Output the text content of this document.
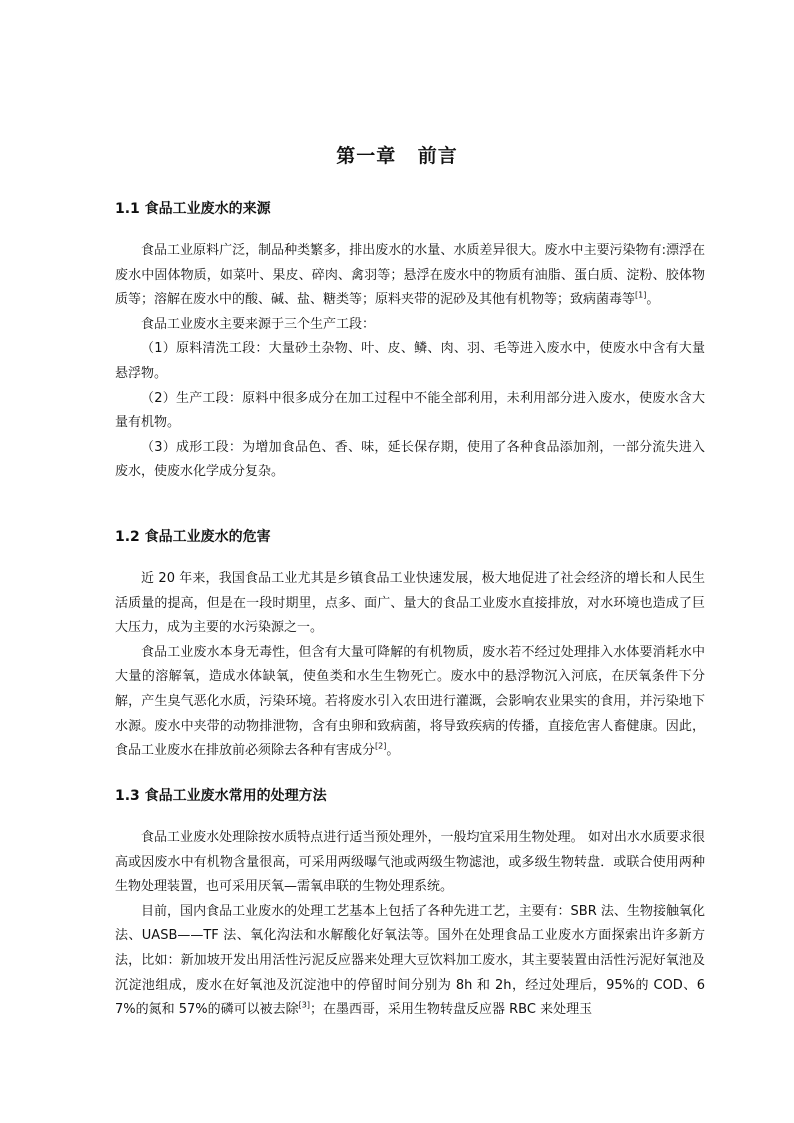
第一章 前言

1.1 食品工业废水的来源

食品工业原料广泛，制品种类繁多，排出废水的水量、水质差异很大。废水中主要污染物有:漂浮在废水中固体物质，如菜叶、果皮、碎肉、禽羽等；悬浮在废水中的物质有油脂、蛋白质、淀粉、胶体物质等；溶解在废水中的酸、碱、盐、糖类等；原料夹带的泥砂及其他有机物等；致病菌毒等[1]。

食品工业废水主要来源于三个生产工段：

（1）原料清洗工段：大量砂土杂物、叶、皮、鳞、肉、羽、毛等进入废水中，使废水中含有大量悬浮物。

（2）生产工段：原料中很多成分在加工过程中不能全部利用，未利用部分进入废水，使废水含大量有机物。

（3）成形工段：为增加食品色、香、味，延长保存期，使用了各种食品添加剂，一部分流失进入废水，使废水化学成分复杂。

1.2 食品工业废水的危害

近 20 年来，我国食品工业尤其是乡镇食品工业快速发展，极大地促进了社会经济的增长和人民生活质量的提高，但是在一段时期里，点多、面广、量大的食品工业废水直接排放，对水环境也造成了巨大压力，成为主要的水污染源之一。

食品工业废水本身无毒性，但含有大量可降解的有机物质，废水若不经过处理排入水体要消耗水中大量的溶解氧，造成水体缺氧，使鱼类和水生生物死亡。废水中的悬浮物沉入河底，在厌氧条件下分解，产生臭气恶化水质，污染环境。若将废水引入农田进行灌溉，会影响农业果实的食用，并污染地下水源。废水中夹带的动物排泄物，含有虫卵和致病菌，将导致疾病的传播，直接危害人畜健康。因此，食品工业废水在排放前必须除去各种有害成分[2]。

1.3 食品工业废水常用的处理方法

食品工业废水处理除按水质特点进行适当预处理外，一般均宜采用生物处理。 如对出水水质要求很高或因废水中有机物含量很高，可采用两级曝气池或两级生物滤池，或多级生物转盘．或联合使用两种生物处理装置，也可采用厌氧—需氧串联的生物处理系统。

目前，国内食品工业废水的处理工艺基本上包括了各种先进工艺，主要有：SBR 法、生物接触氧化法、UASB——TF 法、氧化沟法和水解酸化好氧法等。国外在处理食品工业废水方面探索出许多新方法，比如：新加坡开发出用活性污泥反应器来处理大豆饮料加工废水，其主要装置由活性污泥好氧池及沉淀池组成，废水在好氧池及沉淀池中的停留时间分别为 8h 和 2h，经过处理后，95%的 COD、67%的氮和 57%的磷可以被去除[3]；在墨西哥，采用生物转盘反应器 RBC 来处理玉
